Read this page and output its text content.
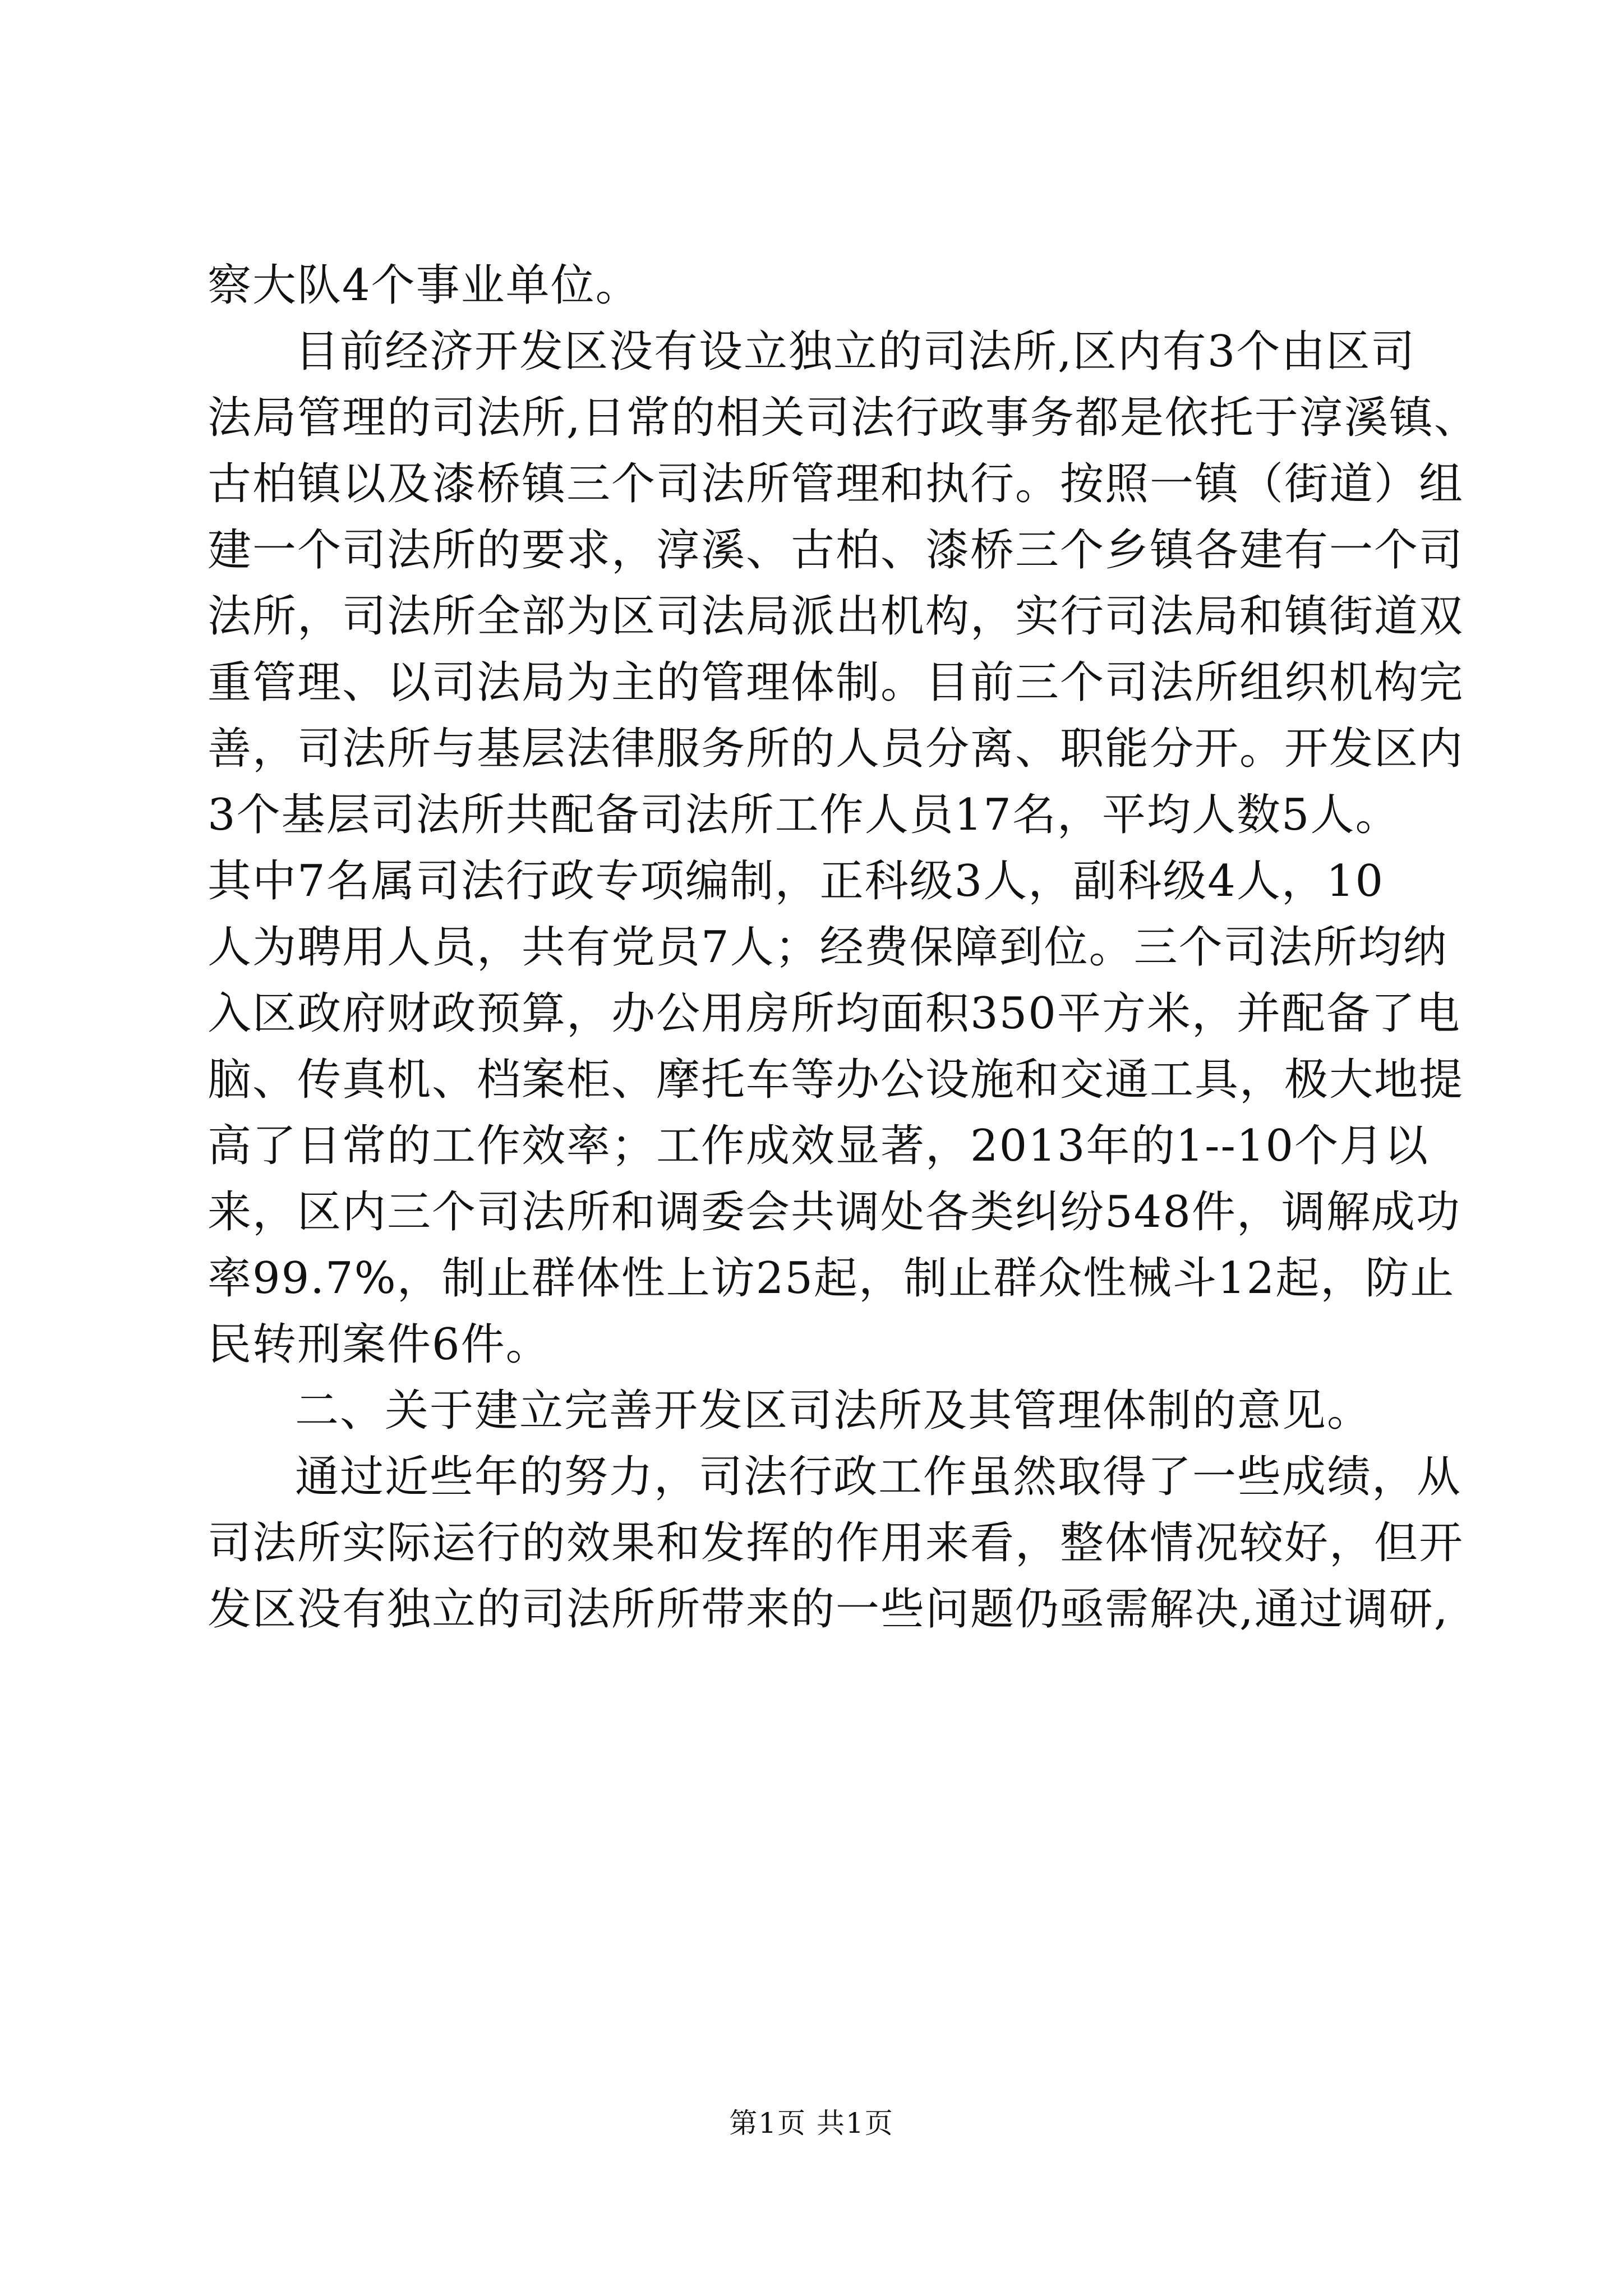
察大队4个事业单位。
目前经济开发区没有设立独立的司法所,区内有3个由区司
法局管理的司法所,日常的相关司法行政事务都是依托于淳溪镇、
古柏镇以及漆桥镇三个司法所管理和执行。按照一镇（街道）组
建一个司法所的要求，淳溪、古柏、漆桥三个乡镇各建有一个司
法所，司法所全部为区司法局派出机构，实行司法局和镇街道双
重管理、以司法局为主的管理体制。目前三个司法所组织机构完
善，司法所与基层法律服务所的人员分离、职能分开。开发区内
3个基层司法所共配备司法所工作人员17名，平均人数5人。
其中7名属司法行政专项编制，正科级3人，副科级4人，10
人为聘用人员，共有党员7人；经费保障到位。三个司法所均纳
入区政府财政预算，办公用房所均面积350平方米，并配备了电
脑、传真机、档案柜、摩托车等办公设施和交通工具，极大地提
高了日常的工作效率；工作成效显著，2013年的1--10个月以
来，区内三个司法所和调委会共调处各类纠纷548件，调解成功
率99.7%，制止群体性上访25起，制止群众性械斗12起，防止
民转刑案件6件。
二、关于建立完善开发区司法所及其管理体制的意见。
通过近些年的努力，司法行政工作虽然取得了一些成绩，从
司法所实际运行的效果和发挥的作用来看，整体情况较好，但开
发区没有独立的司法所所带来的一些问题仍亟需解决,通过调研,
第1页 共1页
